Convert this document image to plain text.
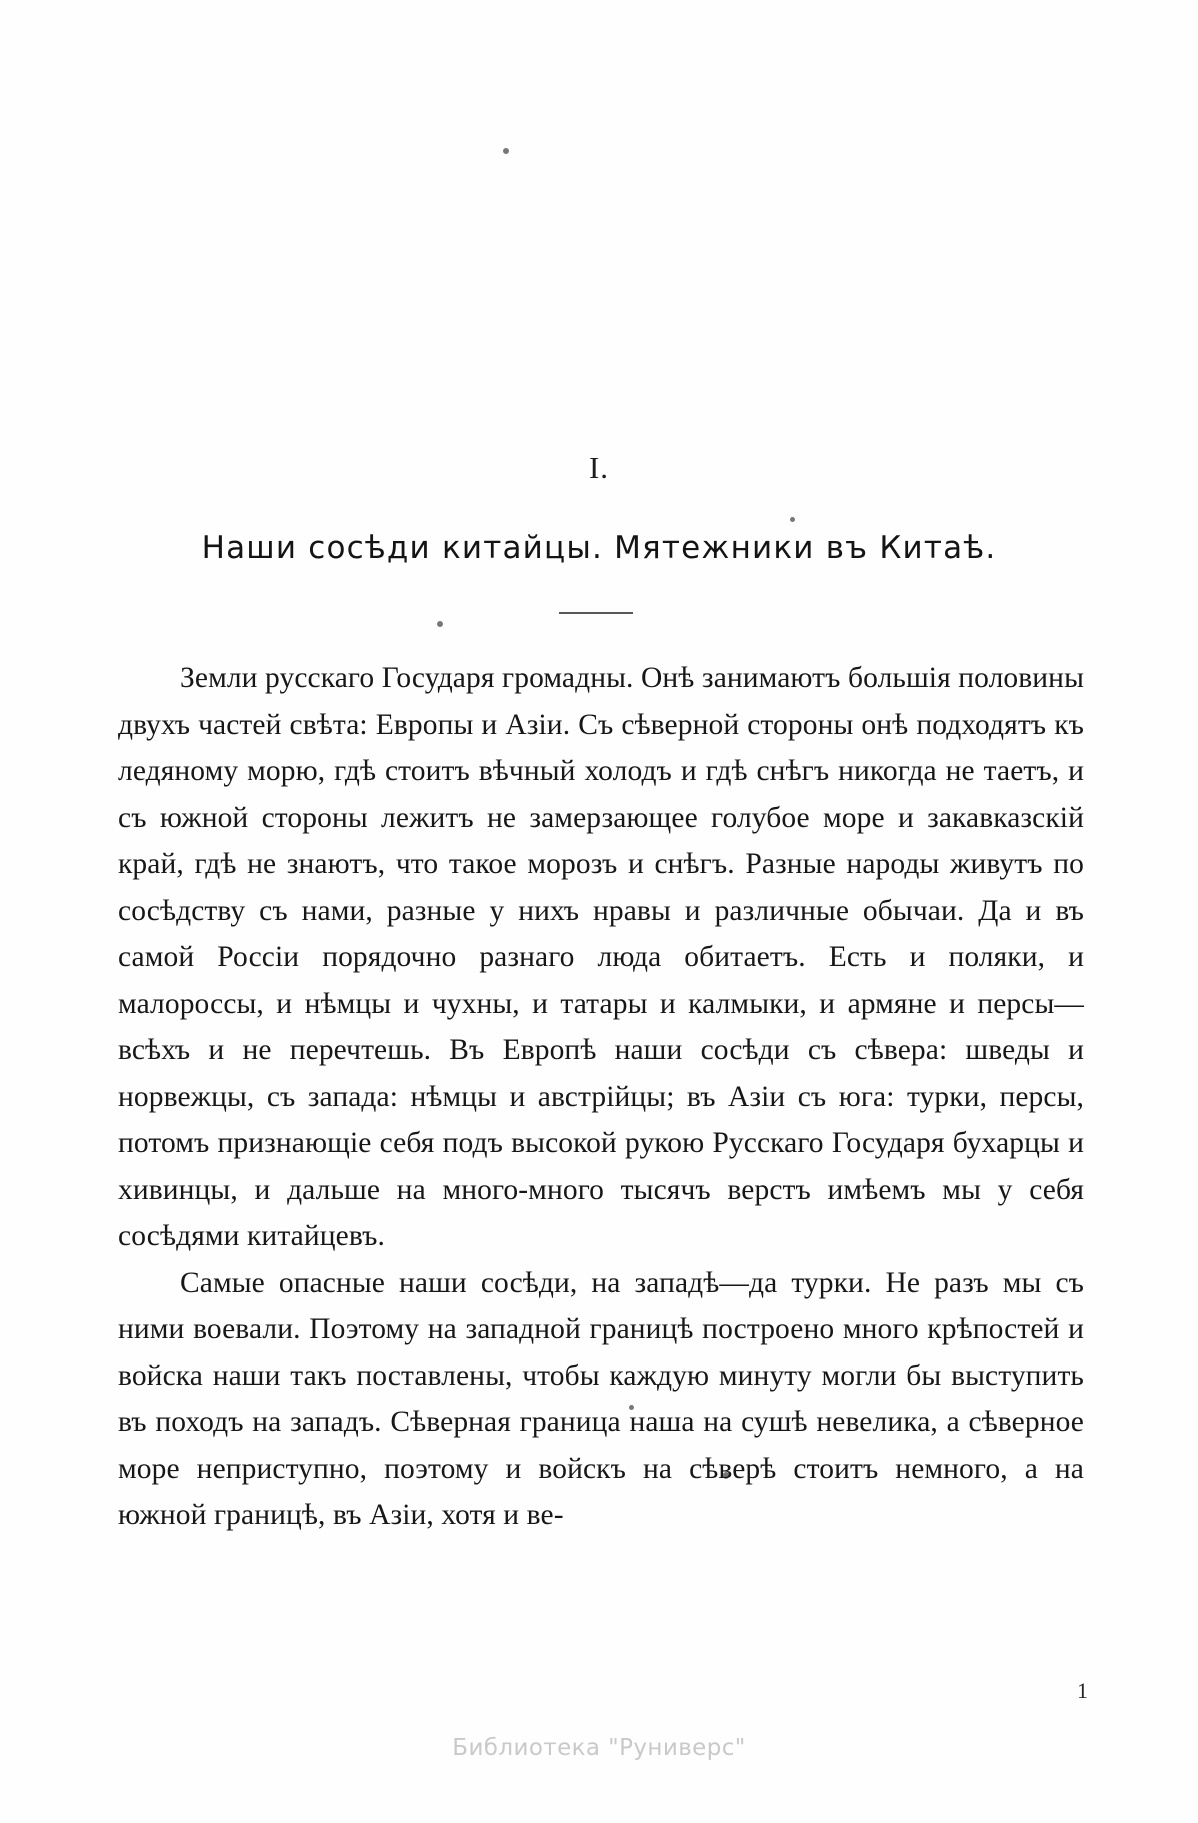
I.
Наши сосѣди китайцы. Мятежники въ Китаѣ.

Земли русскаго Государя громадны. Онѣ занимаютъ большія половины двухъ частей свѣта: Европы и Азіи. Съ сѣверной стороны онѣ подходятъ къ ледяному морю, гдѣ стоитъ вѣчный холодъ и гдѣ снѣгъ никогда не таетъ, и съ южной стороны лежитъ не замерзающее голубое море и закавказскій край, гдѣ не знаютъ, что такое морозъ и снѣгъ. Разные народы живутъ по сосѣдству съ нами, разные у нихъ нравы и различные обычаи. Да и въ самой Россіи порядочно разнаго люда обитаетъ. Есть и поляки, и малороссы, и нѣмцы и чухны, и татары и калмыки, и армяне и персы—всѣхъ и не перечтешь. Въ Европѣ наши сосѣди съ сѣвера: шведы и норвежцы, съ запада: нѣмцы и австрійцы; въ Азіи съ юга: турки, персы, потомъ признающіе себя подъ высокой рукою Русскаго Государя бухарцы и хивинцы, и дальше на много-много тысячъ верстъ имѣемъ мы у себя сосѣдями китайцевъ.

Самые опасные наши сосѣди, на западѣ—да турки. Не разъ мы съ ними воевали. Поэтому на западной границѣ построено много крѣпостей и войска наши такъ поставлены, чтобы каждую минуту могли бы выступить въ походъ на западъ. Сѣверная граница наша на сушѣ невелика, а сѣверное море неприступно, поэтому и войскъ на сѣверѣ стоитъ немного, а на южной границѣ, въ Азіи, хотя и ве-

1
Библиотека "Руниверс"
